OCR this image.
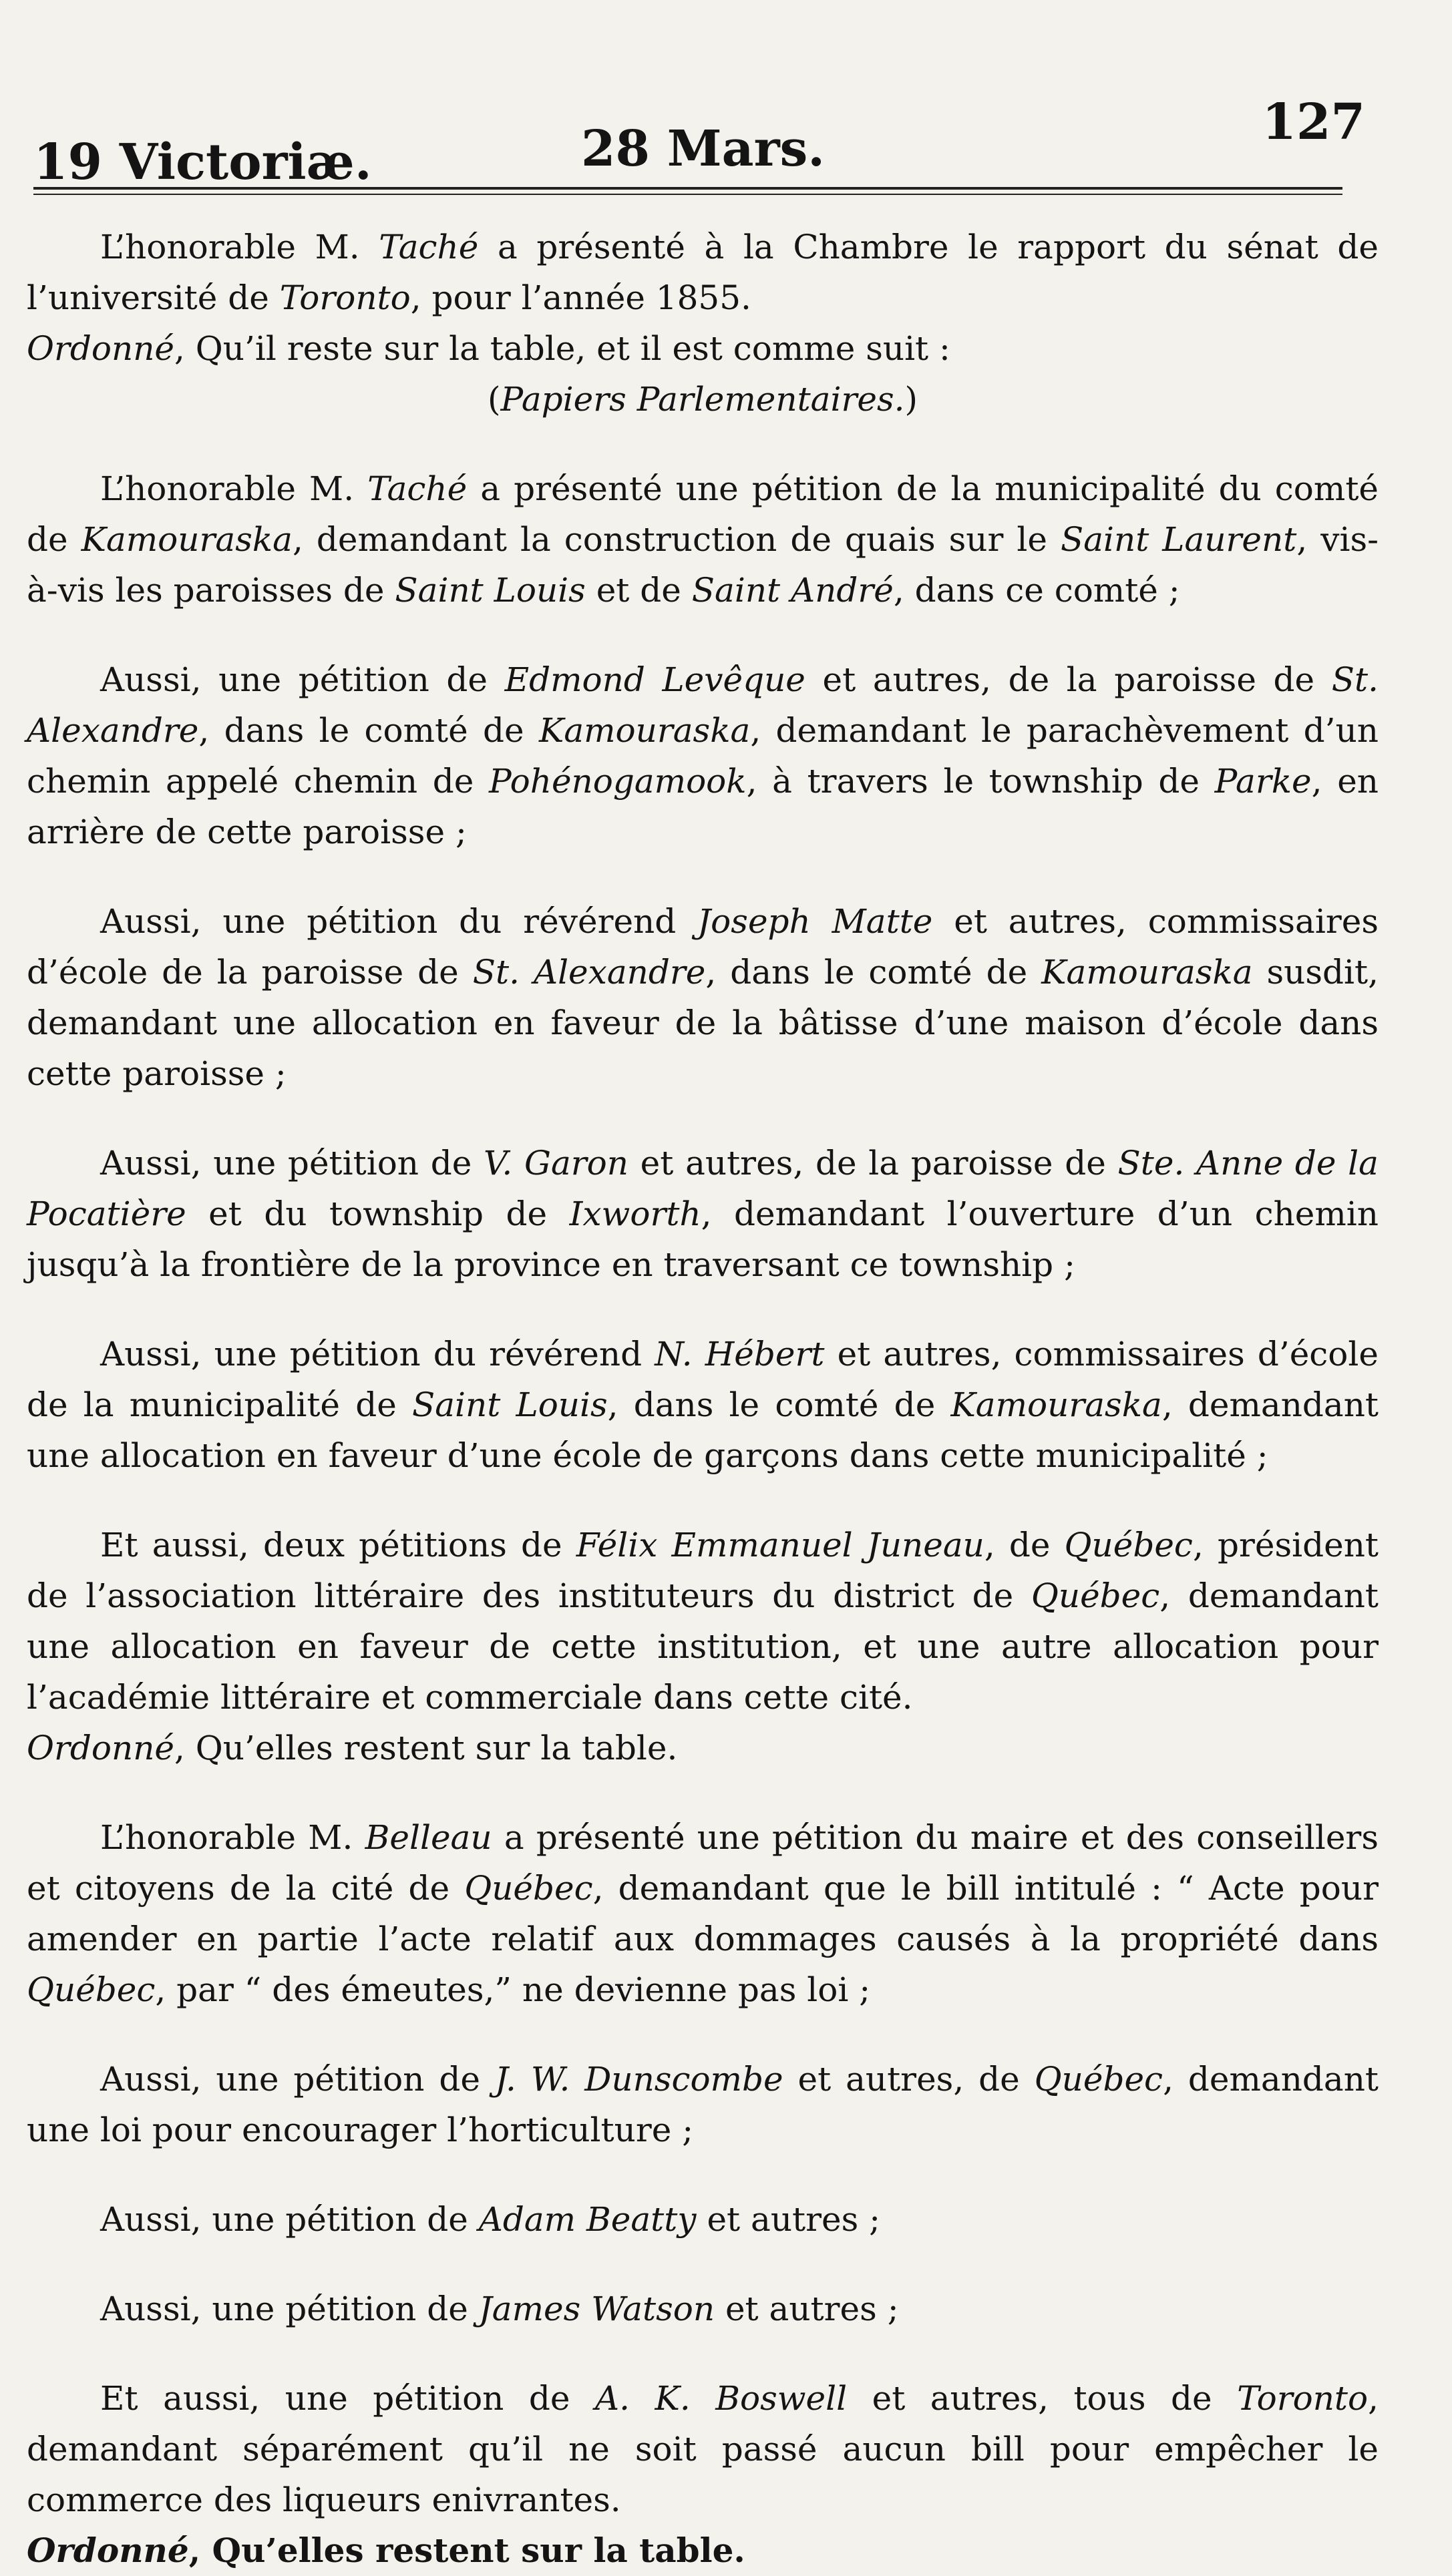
19 Victoriæ.	28 Mars.	127

L’honorable M. Taché a présenté à la Chambre le rapport du sénat de l’université de Toronto, pour l’année 1855.

Ordonné, Qu’il reste sur la table, et il est comme suit :

(Papiers Parlementaires.)

L’honorable M. Taché a présenté une pétition de la municipalité du comté de Kamouraska, demandant la construction de quais sur le Saint Laurent, vis-à-vis les paroisses de Saint Louis et de Saint André, dans ce comté ;

Aussi, une pétition de Edmond Levêque et autres, de la paroisse de St. Alexandre, dans le comté de Kamouraska, demandant le parachèvement d’un chemin appelé chemin de Pohénogamook, à travers le township de Parke, en arrière de cette paroisse ;

Aussi, une pétition du révérend Joseph Matte et autres, commissaires d’école de la paroisse de St. Alexandre, dans le comté de Kamouraska susdit, demandant une allocation en faveur de la bâtisse d’une maison d’école dans cette paroisse ;

Aussi, une pétition de V. Garon et autres, de la paroisse de Ste. Anne de la Pocatière et du township de Ixworth, demandant l’ouverture d’un chemin jusqu’à la frontière de la province en traversant ce township ;

Aussi, une pétition du révérend N. Hébert et autres, commissaires d’école de la municipalité de Saint Louis, dans le comté de Kamouraska, demandant une allocation en faveur d’une école de garçons dans cette municipalité ;

Et aussi, deux pétitions de Félix Emmanuel Juneau, de Québec, président de l’association littéraire des instituteurs du district de Québec, demandant une allocation en faveur de cette institution, et une autre allocation pour l’académie littéraire et commerciale dans cette cité.

Ordonné, Qu’elles restent sur la table.

L’honorable M. Belleau a présenté une pétition du maire et des conseillers et citoyens de la cité de Québec, demandant que le bill intitulé : “ Acte pour amender en partie l’acte relatif aux dommages causés à la propriété dans Québec, par “ des émeutes,” ne devienne pas loi ;

Aussi, une pétition de J. W. Dunscombe et autres, de Québec, demandant une loi pour encourager l’horticulture ;

Aussi, une pétition de Adam Beatty et autres ;

Aussi, une pétition de James Watson et autres ;

Et aussi, une pétition de A. K. Boswell et autres, tous de Toronto, demandant séparément qu’il ne soit passé aucun bill pour empêcher le commerce des liqueurs enivrantes.

Ordonné, Qu’elles restent sur la table.
